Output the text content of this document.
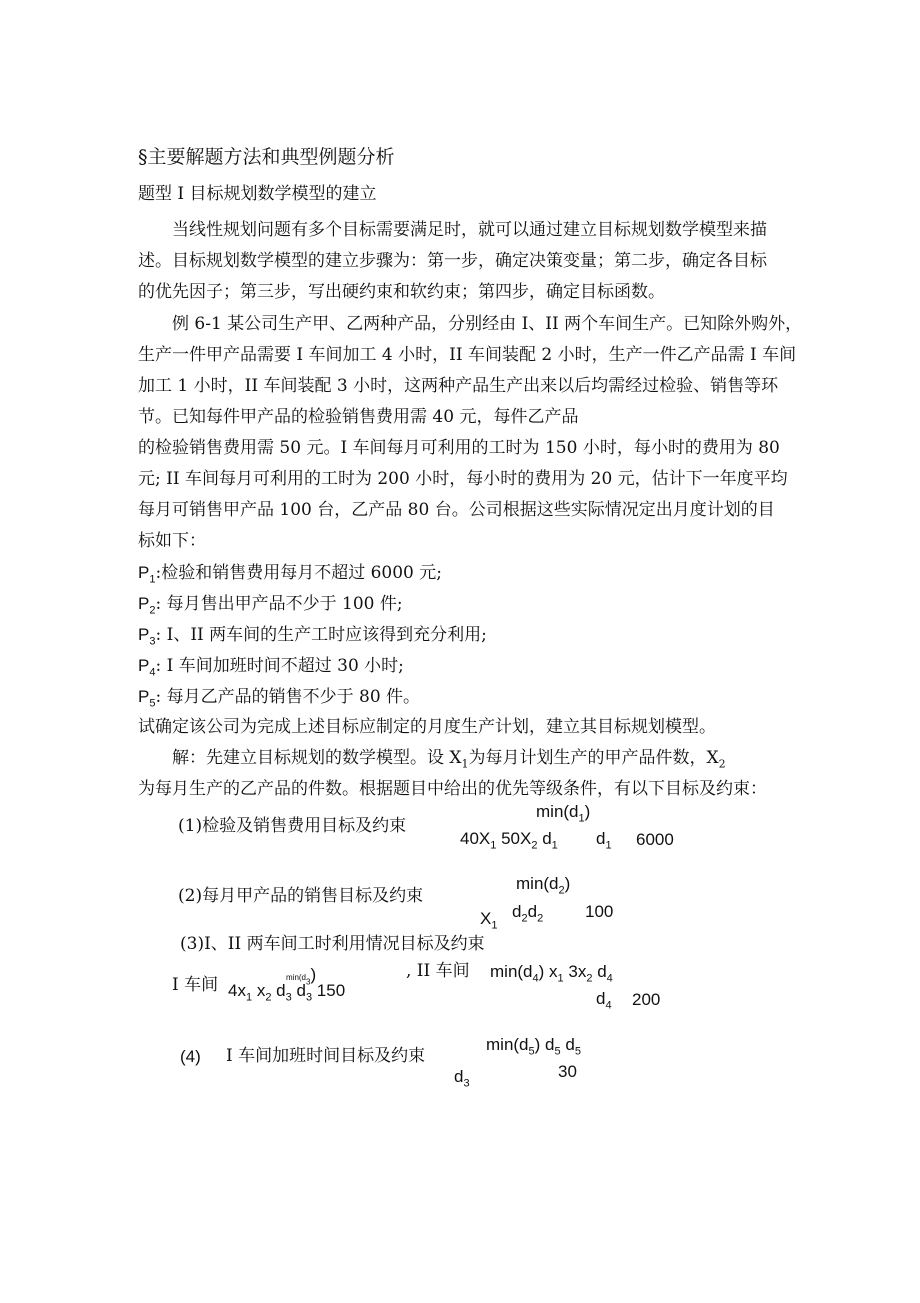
§主要解题方法和典型例题分析
题型 I 目标规划数学模型的建立
当线性规划问题有多个目标需要满足时，就可以通过建立目标规划数学模型来描
述。目标规划数学模型的建立步骤为：第一步，确定决策变量；第二步，确定各目标
的优先因子；第三步，写出硬约束和软约束；第四步，确定目标函数。
例 6-1 某公司生产甲、乙两种产品，分别经由 I、II 两个车间生产。已知除外购外，
生产一件甲产品需要 I 车间加工 4 小时，II 车间装配 2 小时，生产一件乙产品需 I 车间
加工 1 小时，II 车间装配 3 小时，这两种产品生产出来以后均需经过检验、销售等环
节。已知每件甲产品的检验销售费用需 40 元，每件乙产品
的检验销售费用需 50 元。I 车间每月可利用的工时为 150 小时，每小时的费用为 80
元; II 车间每月可利用的工时为 200 小时，每小时的费用为 20 元，估计下一年度平均
每月可销售甲产品 100 台，乙产品 80 台。公司根据这些实际情况定出月度计划的目
标如下：
$P_1$:检验和销售费用每月不超过 6000 元;
$P_2$: 每月售出甲产品不少于 100 件;
$P_3$: I、II 两车间的生产工时应该得到充分利用;
$P_4$: I 车间加班时间不超过 30 小时;
$P_5$: 每月乙产品的销售不少于 80 件。
试确定该公司为完成上述目标应制定的月度生产计划，建立其目标规划模型。
解：先建立目标规划的数学模型。设 $X_1$为每月计划生产的甲产品件数，$X_2$
为每月生产的乙产品的件数。根据题目中给出的优先等级条件，有以下目标及约束：
$\min(d_1)$
(1)检验及销售费用目标及约束
$40X_1$ $50X_2$ $d_1$ $d_1$ 6000
$\min(d_2)$
(2)每月甲产品的销售目标及约束
$d_2d_2$ 100
$X_1$
(3)I、II 两车间工时利用情况目标及约束
$\min(d_3)$
I 车间 $4x_1$ $x_2$ $d_3$ $d_3$ 150
, II 车间 $\min(d_4)$ $x_1$ $3x_2$ $d_4$
$d_4$ 200
$\min(d_5)$ $d_5$ $d_5$
(4) I 车间加班时间目标及约束
30
$d_3$
